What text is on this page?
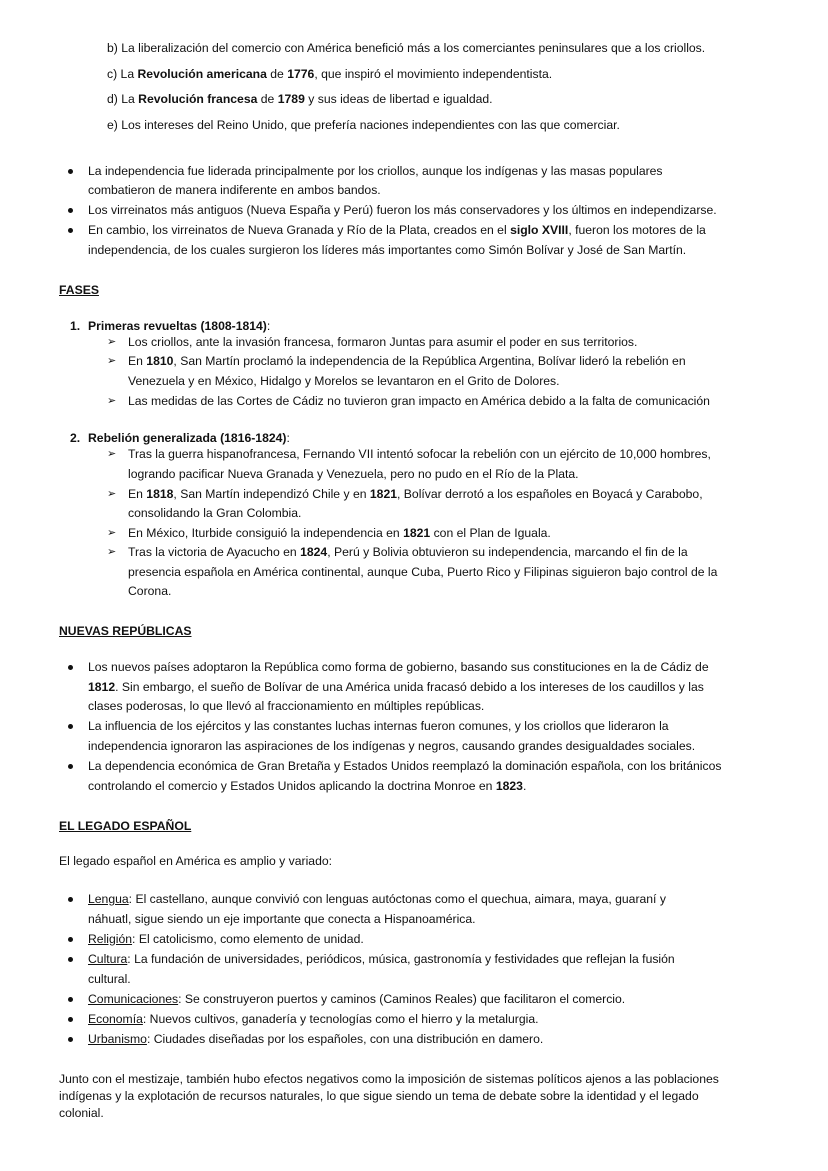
b) La liberalización del comercio con América benefició más a los comerciantes peninsulares que a los criollos.
c) La Revolución americana de 1776, que inspiró el movimiento independentista.
d) La Revolución francesa de 1789 y sus ideas de libertad e igualdad.
e) Los intereses del Reino Unido, que prefería naciones independientes con las que comerciar.
La independencia fue liderada principalmente por los criollos, aunque los indígenas y las masas populares
combatieron de manera indiferente en ambos bandos.
Los virreinatos más antiguos (Nueva España y Perú) fueron los más conservadores y los últimos en independizarse.
En cambio, los virreinatos de Nueva Granada y Río de la Plata, creados en el siglo XVIII, fueron los motores de la
independencia, de los cuales surgieron los líderes más importantes como Simón Bolívar y José de San Martín.
FASES
1. Primeras revueltas (1808-1814):
➢ Los criollos, ante la invasión francesa, formaron Juntas para asumir el poder en sus territorios.
➢ En 1810, San Martín proclamó la independencia de la República Argentina, Bolívar lideró la rebelión en
Venezuela y en México, Hidalgo y Morelos se levantaron en el Grito de Dolores.
➢ Las medidas de las Cortes de Cádiz no tuvieron gran impacto en América debido a la falta de comunicación
2. Rebelión generalizada (1816-1824):
➢ Tras la guerra hispanofrancesa, Fernando VII intentó sofocar la rebelión con un ejército de 10,000 hombres,
logrando pacificar Nueva Granada y Venezuela, pero no pudo en el Río de la Plata.
➢ En 1818, San Martín independizó Chile y en 1821, Bolívar derrotó a los españoles en Boyacá y Carabobo,
consolidando la Gran Colombia.
➢ En México, Iturbide consiguió la independencia en 1821 con el Plan de Iguala.
➢ Tras la victoria de Ayacucho en 1824, Perú y Bolivia obtuvieron su independencia, marcando el fin de la
presencia española en América continental, aunque Cuba, Puerto Rico y Filipinas siguieron bajo control de la
Corona.
NUEVAS REPÚBLICAS
Los nuevos países adoptaron la República como forma de gobierno, basando sus constituciones en la de Cádiz de
1812. Sin embargo, el sueño de Bolívar de una América unida fracasó debido a los intereses de los caudillos y las
clases poderosas, lo que llevó al fraccionamiento en múltiples repúblicas.
La influencia de los ejércitos y las constantes luchas internas fueron comunes, y los criollos que lideraron la
independencia ignoraron las aspiraciones de los indígenas y negros, causando grandes desigualdades sociales.
La dependencia económica de Gran Bretaña y Estados Unidos reemplazó la dominación española, con los británicos
controlando el comercio y Estados Unidos aplicando la doctrina Monroe en 1823.
EL LEGADO ESPAÑOL
El legado español en América es amplio y variado:
Lengua: El castellano, aunque convivió con lenguas autóctonas como el quechua, aimara, maya, guaraní y
náhuatl, sigue siendo un eje importante que conecta a Hispanoamérica.
Religión: El catolicismo, como elemento de unidad.
Cultura: La fundación de universidades, periódicos, música, gastronomía y festividades que reflejan la fusión
cultural.
Comunicaciones: Se construyeron puertos y caminos (Caminos Reales) que facilitaron el comercio.
Economía: Nuevos cultivos, ganadería y tecnologías como el hierro y la metalurgia.
Urbanismo: Ciudades diseñadas por los españoles, con una distribución en damero.
Junto con el mestizaje, también hubo efectos negativos como la imposición de sistemas políticos ajenos a las poblaciones
indígenas y la explotación de recursos naturales, lo que sigue siendo un tema de debate sobre la identidad y el legado
colonial.
